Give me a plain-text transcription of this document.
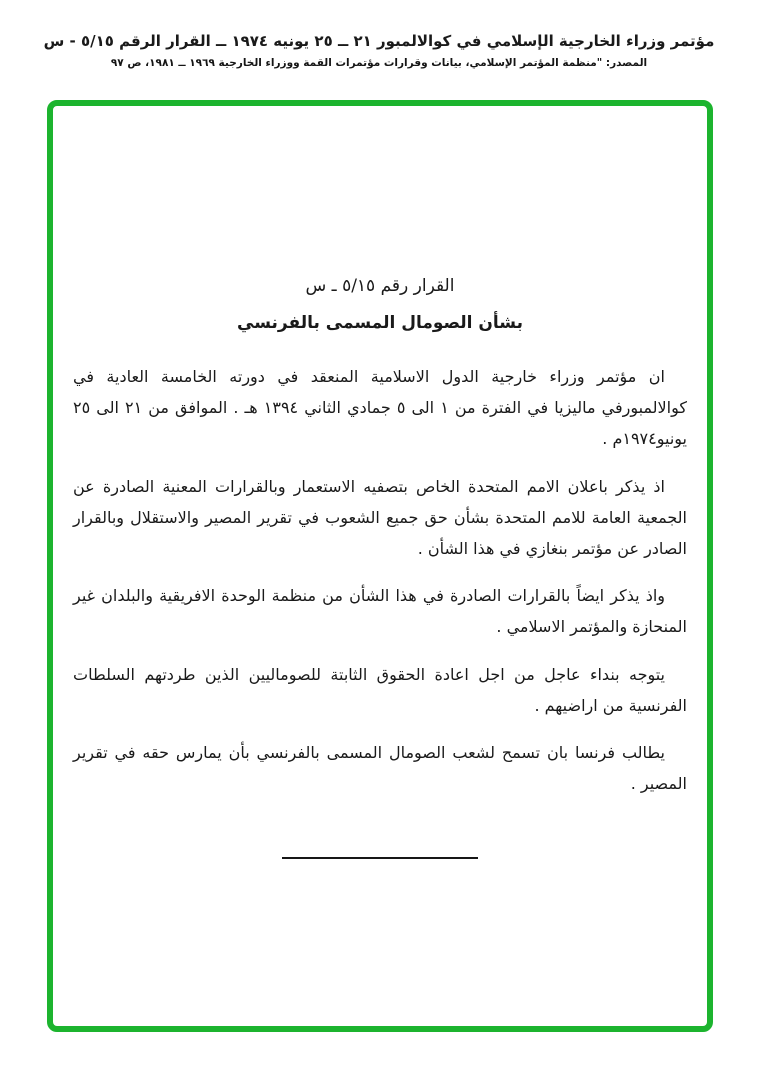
مؤتمر وزراء الخارجية الإسلامي في كوالالمبور ٢١ ــ ٢٥ يونيه ١٩٧٤ ــ القرار الرقم ٥/١٥ - س
المصدر: "منظمة المؤتمر الإسلامي، بيانات وقرارات مؤتمرات القمة ووزراء الخارجية ١٩٦٩ ــ ١٩٨١، ص ٩٧
القرار رقم ٥/١٥ ـ س
بشأن الصومال المسمى بالفرنسي

ان مؤتمر وزراء خارجية الدول الاسلامية المنعقد في دورته الخامسة العادية في كوالالمبورفي ماليزيا في الفترة من ١ الى ٥ جمادي الثاني ١٣٩٤ هـ . الموافق من ٢١ الى ٢٥ يونيو١٩٧٤م .

اذ يذكر باعلان الامم المتحدة الخاص بتصفيه الاستعمار وبالقرارات المعنية الصادرة عن الجمعية العامة للامم المتحدة بشأن حق جميع الشعوب في تقرير المصير والاستقلال وبالقرار الصادر عن مؤتمر بنغازي في هذا الشأن .

واذ يذكر ايضاً بالقرارات الصادرة في هذا الشأن من منظمة الوحدة الافريقية والبلدان غير المنحازة والمؤتمر الاسلامي .

يتوجه بنداء عاجل من اجل اعادة الحقوق الثابتة للصوماليين الذين طردتهم السلطات الفرنسية من اراضيهم .

يطالب فرنسا بان تسمح لشعب الصومال المسمى بالفرنسي بأن يمارس حقه في تقرير المصير .
